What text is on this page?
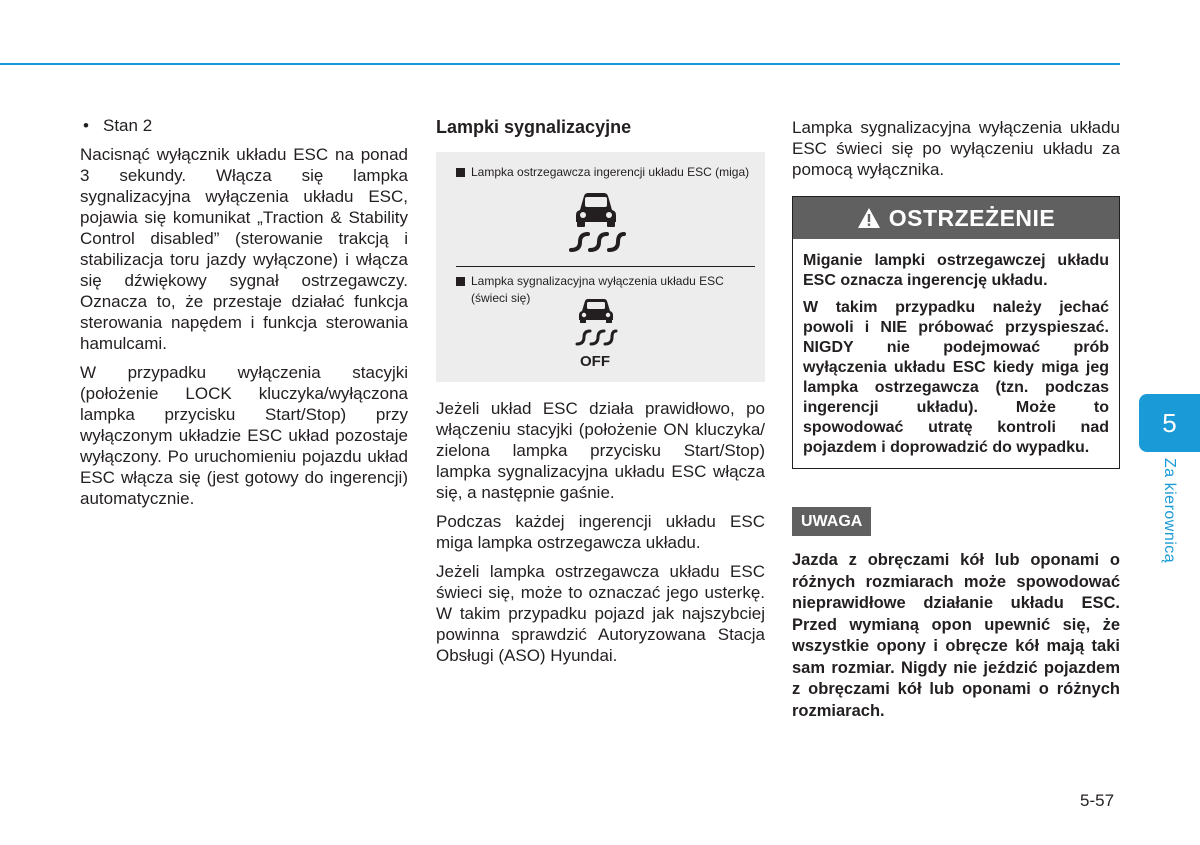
• Stan 2

Nacisnąć wyłącznik układu ESC na ponad 3 sekundy. Włącza się lampka sygnalizacyjna wyłączenia układu ESC, pojawia się komunikat „Traction & Stability Control disabled” (sterowanie trakcją i stabilizacja toru jazdy wyłączone) i włącza się dźwiękowy sygnał ostrzegawczy. Oznacza to, że przestaje działać funkcja sterowania napędem i funkcja sterowania hamulcami.

W przypadku wyłączenia stacyjki (położenie LOCK kluczyka/wyłączona lampka przycisku Start/Stop) przy wyłączonym układzie ESC układ pozostaje wyłączony. Po uruchomieniu pojazdu układ ESC włącza się (jest gotowy do ingerencji) automatycznie.

Lampki sygnalizacyjne
Lampka ostrzegawcza ingerencji układu ESC (miga)
Lampka sygnalizacyjna wyłączenia układu ESC (świeci się)
OFF

Jeżeli układ ESC działa prawidłowo, po włączeniu stacyjki (położenie ON kluczyka/ zielona lampka przycisku Start/Stop) lampka sygnalizacyjna układu ESC włącza się, a następnie gaśnie.

Podczas każdej ingerencji układu ESC miga lampka ostrzegawcza układu.

Jeżeli lampka ostrzegawcza układu ESC świeci się, może to oznaczać jego usterkę. W takim przypadku pojazd jak najszybciej powinna sprawdzić Autoryzowana Stacja Obsługi (ASO) Hyundai.

Lampka sygnalizacyjna wyłączenia układu ESC świeci się po wyłączeniu układu za pomocą wyłącznika.

OSTRZEŻENIE

Miganie lampki ostrzegawczej układu ESC oznacza ingerencję układu.

W takim przypadku należy jechać powoli i NIE próbować przyspieszać. NIGDY nie podejmować prób wyłączenia układu ESC kiedy miga jeg lampka ostrzegawcza (tzn. podczas ingerencji układu). Może to spowodować utratę kontroli nad pojazdem i doprowadzić do wypadku.

UWAGA
Jazda z obręczami kół lub oponami o różnych rozmiarach może spowodować nieprawidłowe działanie układu ESC. Przed wymianą opon upewnić się, że wszystkie opony i obręcze kół mają taki sam rozmiar. Nigdy nie jeździć pojazdem z obręczami kół lub oponami o różnych rozmiarach.
5
Za kierownicą
5-57
